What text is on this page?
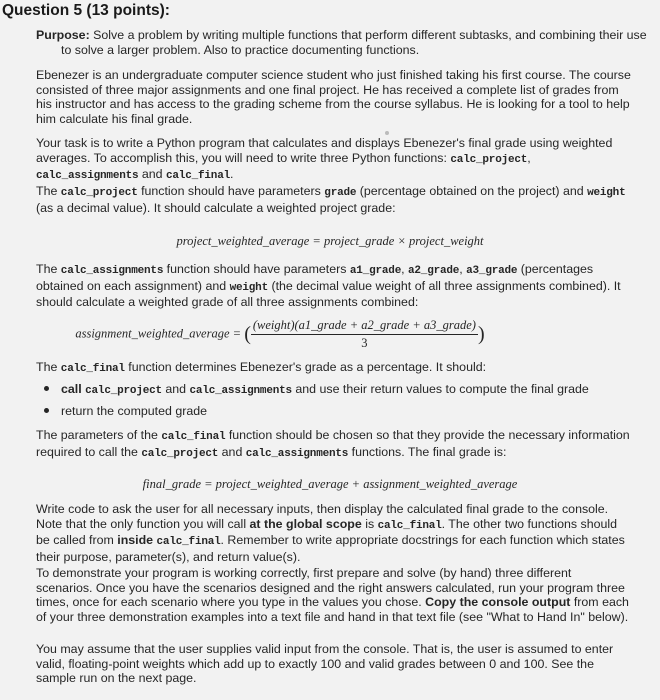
Question 5 (13 points):
Purpose: Solve a problem by writing multiple functions that perform different subtasks, and combining their use to solve a larger problem. Also to practice documenting functions.
Ebenezer is an undergraduate computer science student who just finished taking his first course. The course consisted of three major assignments and one final project. He has received a complete list of grades from his instructor and has access to the grading scheme from the course syllabus. He is looking for a tool to help him calculate his final grade.
Your task is to write a Python program that calculates and displays Ebenezer's final grade using weighted averages. To accomplish this, you will need to write three Python functions: calc_project, calc_assignments and calc_final.
The calc_project function should have parameters grade (percentage obtained on the project) and weight (as a decimal value). It should calculate a weighted project grade:
project_weighted_average = project_grade × project_weight
The calc_assignments function should have parameters a1_grade, a2_grade, a3_grade (percentages obtained on each assignment) and weight (the decimal value weight of all three assignments combined). It should calculate a weighted grade of all three assignments combined:
assignment_weighted_average = ( $\frac{\text{(weight)(a1\_grade + a2\_grade + a3\_grade)}}{3}$ )
The calc_final function determines Ebenezer's grade as a percentage. It should:
call calc_project and calc_assignments and use their return values to compute the final grade
return the computed grade
The parameters of the calc_final function should be chosen so that they provide the necessary information required to call the calc_project and calc_assignments functions. The final grade is:
final_grade = project_weighted_average + assignment_weighted_average
Write code to ask the user for all necessary inputs, then display the calculated final grade to the console. Note that the only function you will call at the global scope is calc_final. The other two functions should be called from inside calc_final. Remember to write appropriate docstrings for each function which states their purpose, parameter(s), and return value(s).
To demonstrate your program is working correctly, first prepare and solve (by hand) three different scenarios. Once you have the scenarios designed and the right answers calculated, run your program three times, once for each scenario where you type in the values you chose. Copy the console output from each of your three demonstration examples into a text file and hand in that text file (see "What to Hand In" below).
You may assume that the user supplies valid input from the console. That is, the user is assumed to enter valid, floating-point weights which add up to exactly 100 and valid grades between 0 and 100. See the sample run on the next page.
